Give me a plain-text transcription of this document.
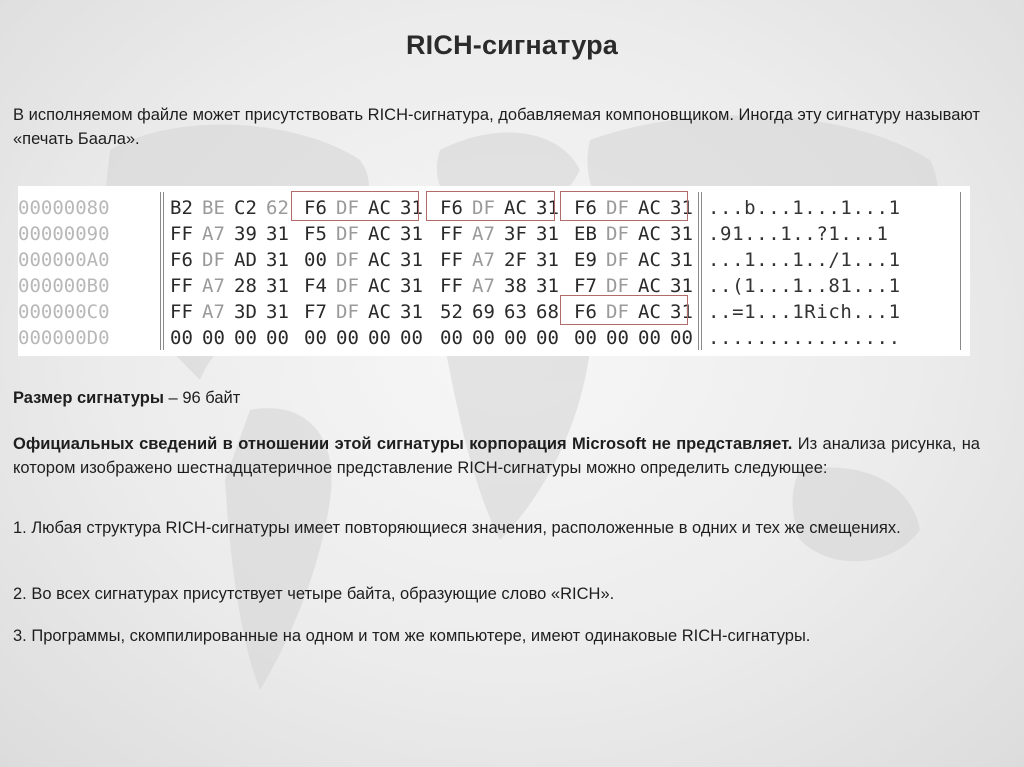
RICH-сигнатура
В исполняемом файле может присутствовать RICH-сигнатура, добавляемая компоновщиком. Иногда эту сигнатуру называют «печать Баала».
00000080
00000090
000000A0
000000B0
000000C0
000000D0
B2 BE C2 62 F6 DF AC 31 F6 DF AC 31 F6 DF AC 31
FF A7 39 31 F5 DF AC 31 FF A7 3F 31 EB DF AC 31
F6 DF AD 31 00 DF AC 31 FF A7 2F 31 E9 DF AC 31
FF A7 28 31 F4 DF AC 31 FF A7 38 31 F7 DF AC 31
FF A7 3D 31 F7 DF AC 31 52 69 63 68 F6 DF AC 31
00 00 00 00 00 00 00 00 00 00 00 00 00 00 00 00
...b...1...1...1
.91...1..?1...1
...1...1../1...1
..(1...1..81...1
..=1...1Rich...1
................
Размер сигнатуры – 96 байт
Официальных сведений в отношении этой сигнатуры корпорация Microsoft не представляет. Из анализа рисунка, на котором изображено шестнадцатеричное представление RICH-сигнатуры можно определить следующее:
1. Любая структура RICH-сигнатуры имеет повторяющиеся значения, расположенные в одних и тех же смещениях.
2. Во всех сигнатурах присутствует четыре байта, образующие слово «RICH».
3. Программы, скомпилированные на одном и том же компьютере, имеют одинаковые RICH-сигнатуры.
